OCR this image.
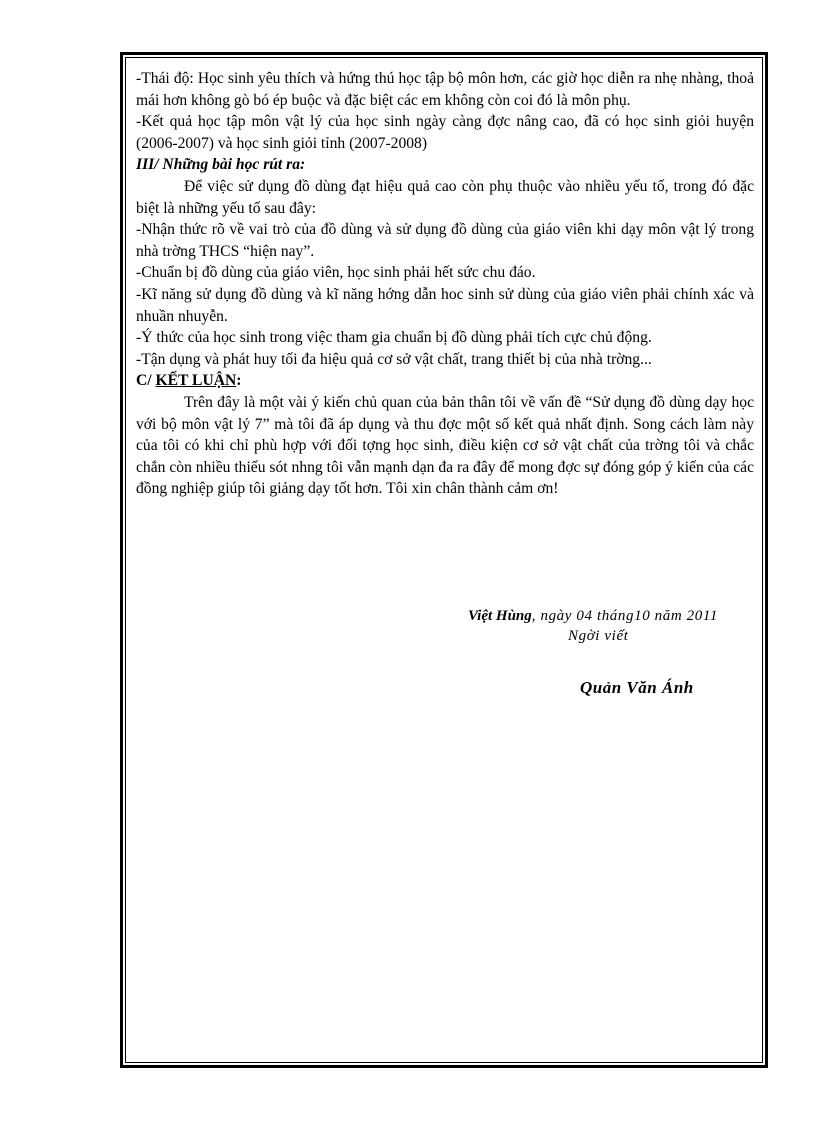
-Thái độ: Học sinh yêu thích và hứng thú học tập bộ môn hơn, các giờ học diễn ra nhẹ nhàng, thoả mái hơn không gò bó ép buộc và đặc biệt các em không còn coi đó là môn phụ.

-Kết quả học tập môn vật lý của học sinh ngày càng đợc nâng cao, đã có học sinh giỏi huyện (2006-2007) và học sinh giỏi tỉnh (2007-2008)

III/ Những bài học rút ra:

Để việc sử dụng đồ dùng đạt hiệu quả cao còn phụ thuộc vào nhiều yếu tố, trong đó đặc biệt là những yếu tố sau đây:

-Nhận thức rõ về vai trò của đồ dùng và sử dụng đồ dùng của giáo viên khi dạy môn vật lý trong nhà trờng THCS “hiện nay”.

-Chuẩn bị đồ dùng của giáo viên, học sinh phải hết sức chu đáo.

-Kĩ năng sử dụng đồ dùng và kĩ năng hớng dẫn hoc sinh sử dùng của giáo viên phải chính xác và nhuần nhuyễn.

-Ý thức của học sinh trong việc tham gia chuẩn bị đồ dùng phải tích cực chủ động.

-Tận dụng và phát huy tối đa hiệu quả cơ sở vật chất, trang thiết bị của nhà trờng...

C/ KẾT LUẬN:

Trên đây là một vài ý kiến chủ quan của bản thân tôi về vấn đề “Sử dụng đồ dùng dạy học với bộ môn vật lý 7” mà tôi đã áp dụng và thu đợc một số kết quả nhất định. Song cách làm này của tôi có khi chỉ phù hợp với đối tợng học sinh, điều kiện cơ sở vật chất của trờng tôi và chắc chắn còn nhiều thiếu sót nhng tôi vẫn mạnh dạn đa ra đây để mong đợc sự đóng góp ý kiến của các đồng nghiệp giúp tôi giảng dạy tốt hơn. Tôi xin chân thành cảm ơn!

Việt Hùng, ngày 04 tháng10 năm 2011
Ngời viết
Quản Văn Ánh
